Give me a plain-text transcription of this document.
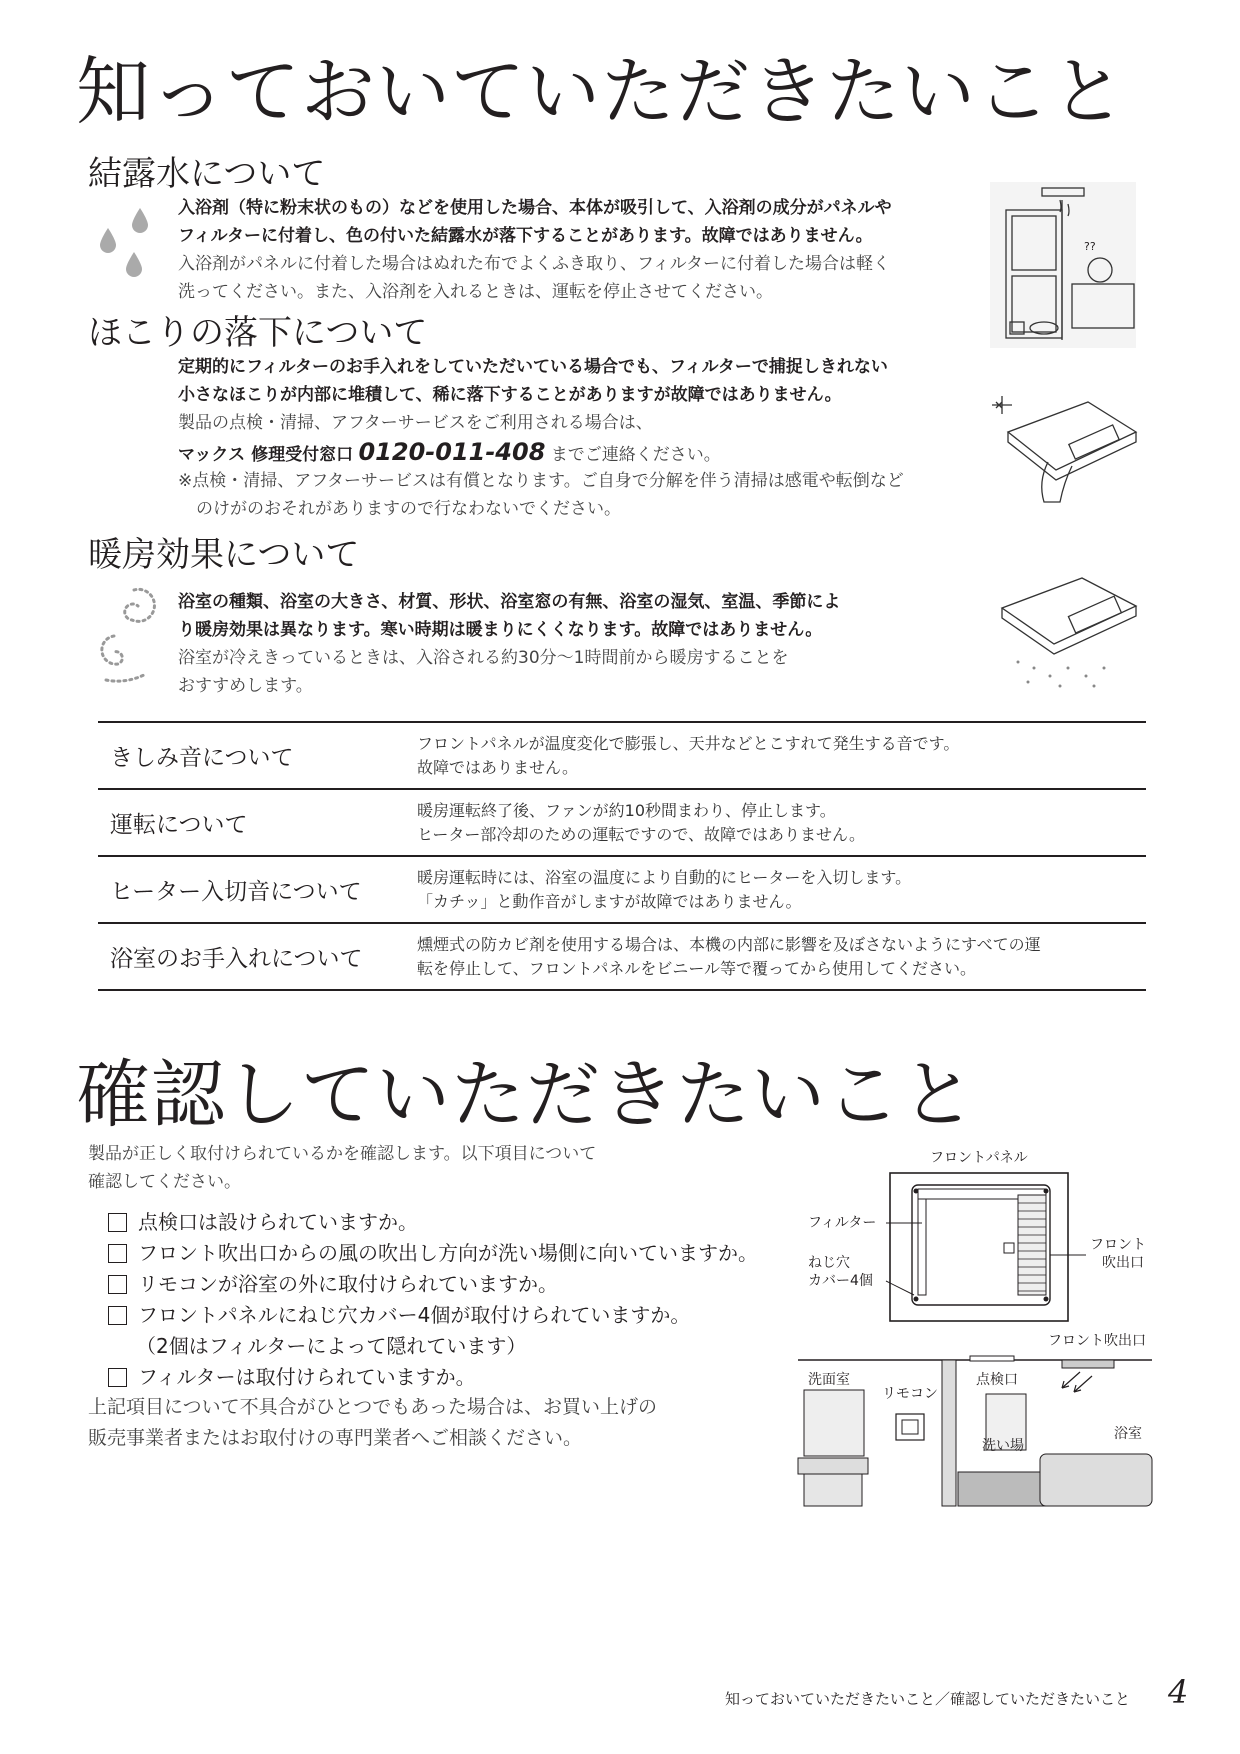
知っておいていただきたいこと
結露水について

入浴剤（特に粉末状のもの）などを使用した場合、本体が吸引して、入浴剤の成分がパネルや

フィルターに付着し、色の付いた結露水が落下することがあります。故障ではありません。

入浴剤がパネルに付着した場合はぬれた布でよくふき取り、フィルターに付着した場合は軽く

洗ってください。また、入浴剤を入れるときは、運転を停止させてください。

??
ほこりの落下について

定期的にフィルターのお手入れをしていただいている場合でも、フィルターで捕捉しきれない

小さなほこりが内部に堆積して、稀に落下することがありますが故障ではありません。

製品の点検・清掃、アフターサービスをご利用される場合は、

マックス 修理受付窓口 0120-011-408 までご連絡ください。

※点検・清掃、アフターサービスは有償となります。ご自身で分解を伴う清掃は感電や転倒など

のけがのおそれがありますので行なわないでください。

暖房効果について

浴室の種類、浴室の大きさ、材質、形状、浴室窓の有無、浴室の湿気、室温、季節によ

り暖房効果は異なります。寒い時期は暖まりにくくなります。故障ではありません。

浴室が冷えきっているときは、入浴される約30分～1時間前から暖房することを

おすすめします。

きしみ音について	フロントパネルが温度変化で膨張し、天井などとこすれて発生する音です。
故障ではありません。

運転について	暖房運転終了後、ファンが約10秒間まわり、停止します。
ヒーター部冷却のための運転ですので、故障ではありません。

ヒーター入切音について	暖房運転時には、浴室の温度により自動的にヒーターを入切します。
「カチッ」と動作音がしますが故障ではありません。

浴室のお手入れについて	燻煙式の防カビ剤を使用する場合は、本機の内部に影響を及ぼさないようにすべての運
転を停止して、フロントパネルをビニール等で覆ってから使用してください。
確認していただきたいこと

製品が正しく取付けられているかを確認します。以下項目について

確認してください。

点検口は設けられていますか。
フロント吹出口からの風の吹出し方向が洗い場側に向いていますか。
リモコンが浴室の外に取付けられていますか。
フロントパネルにねじ穴カバー4個が取付けられていますか。
（2個はフィルターによって隠れています）
フィルターは取付けられていますか。

上記項目について不具合がひとつでもあった場合は、お買い上げの

販売事業者またはお取付けの専門業者へご相談ください。

フロントパネル
フィルター
ねじ穴
カバー4個
フロント
吹出口
フロント吹出口
洗面室	点検口
リモコン
洗い場
浴室
知っておいていただきたいこと／確認していただきたいこと 4
